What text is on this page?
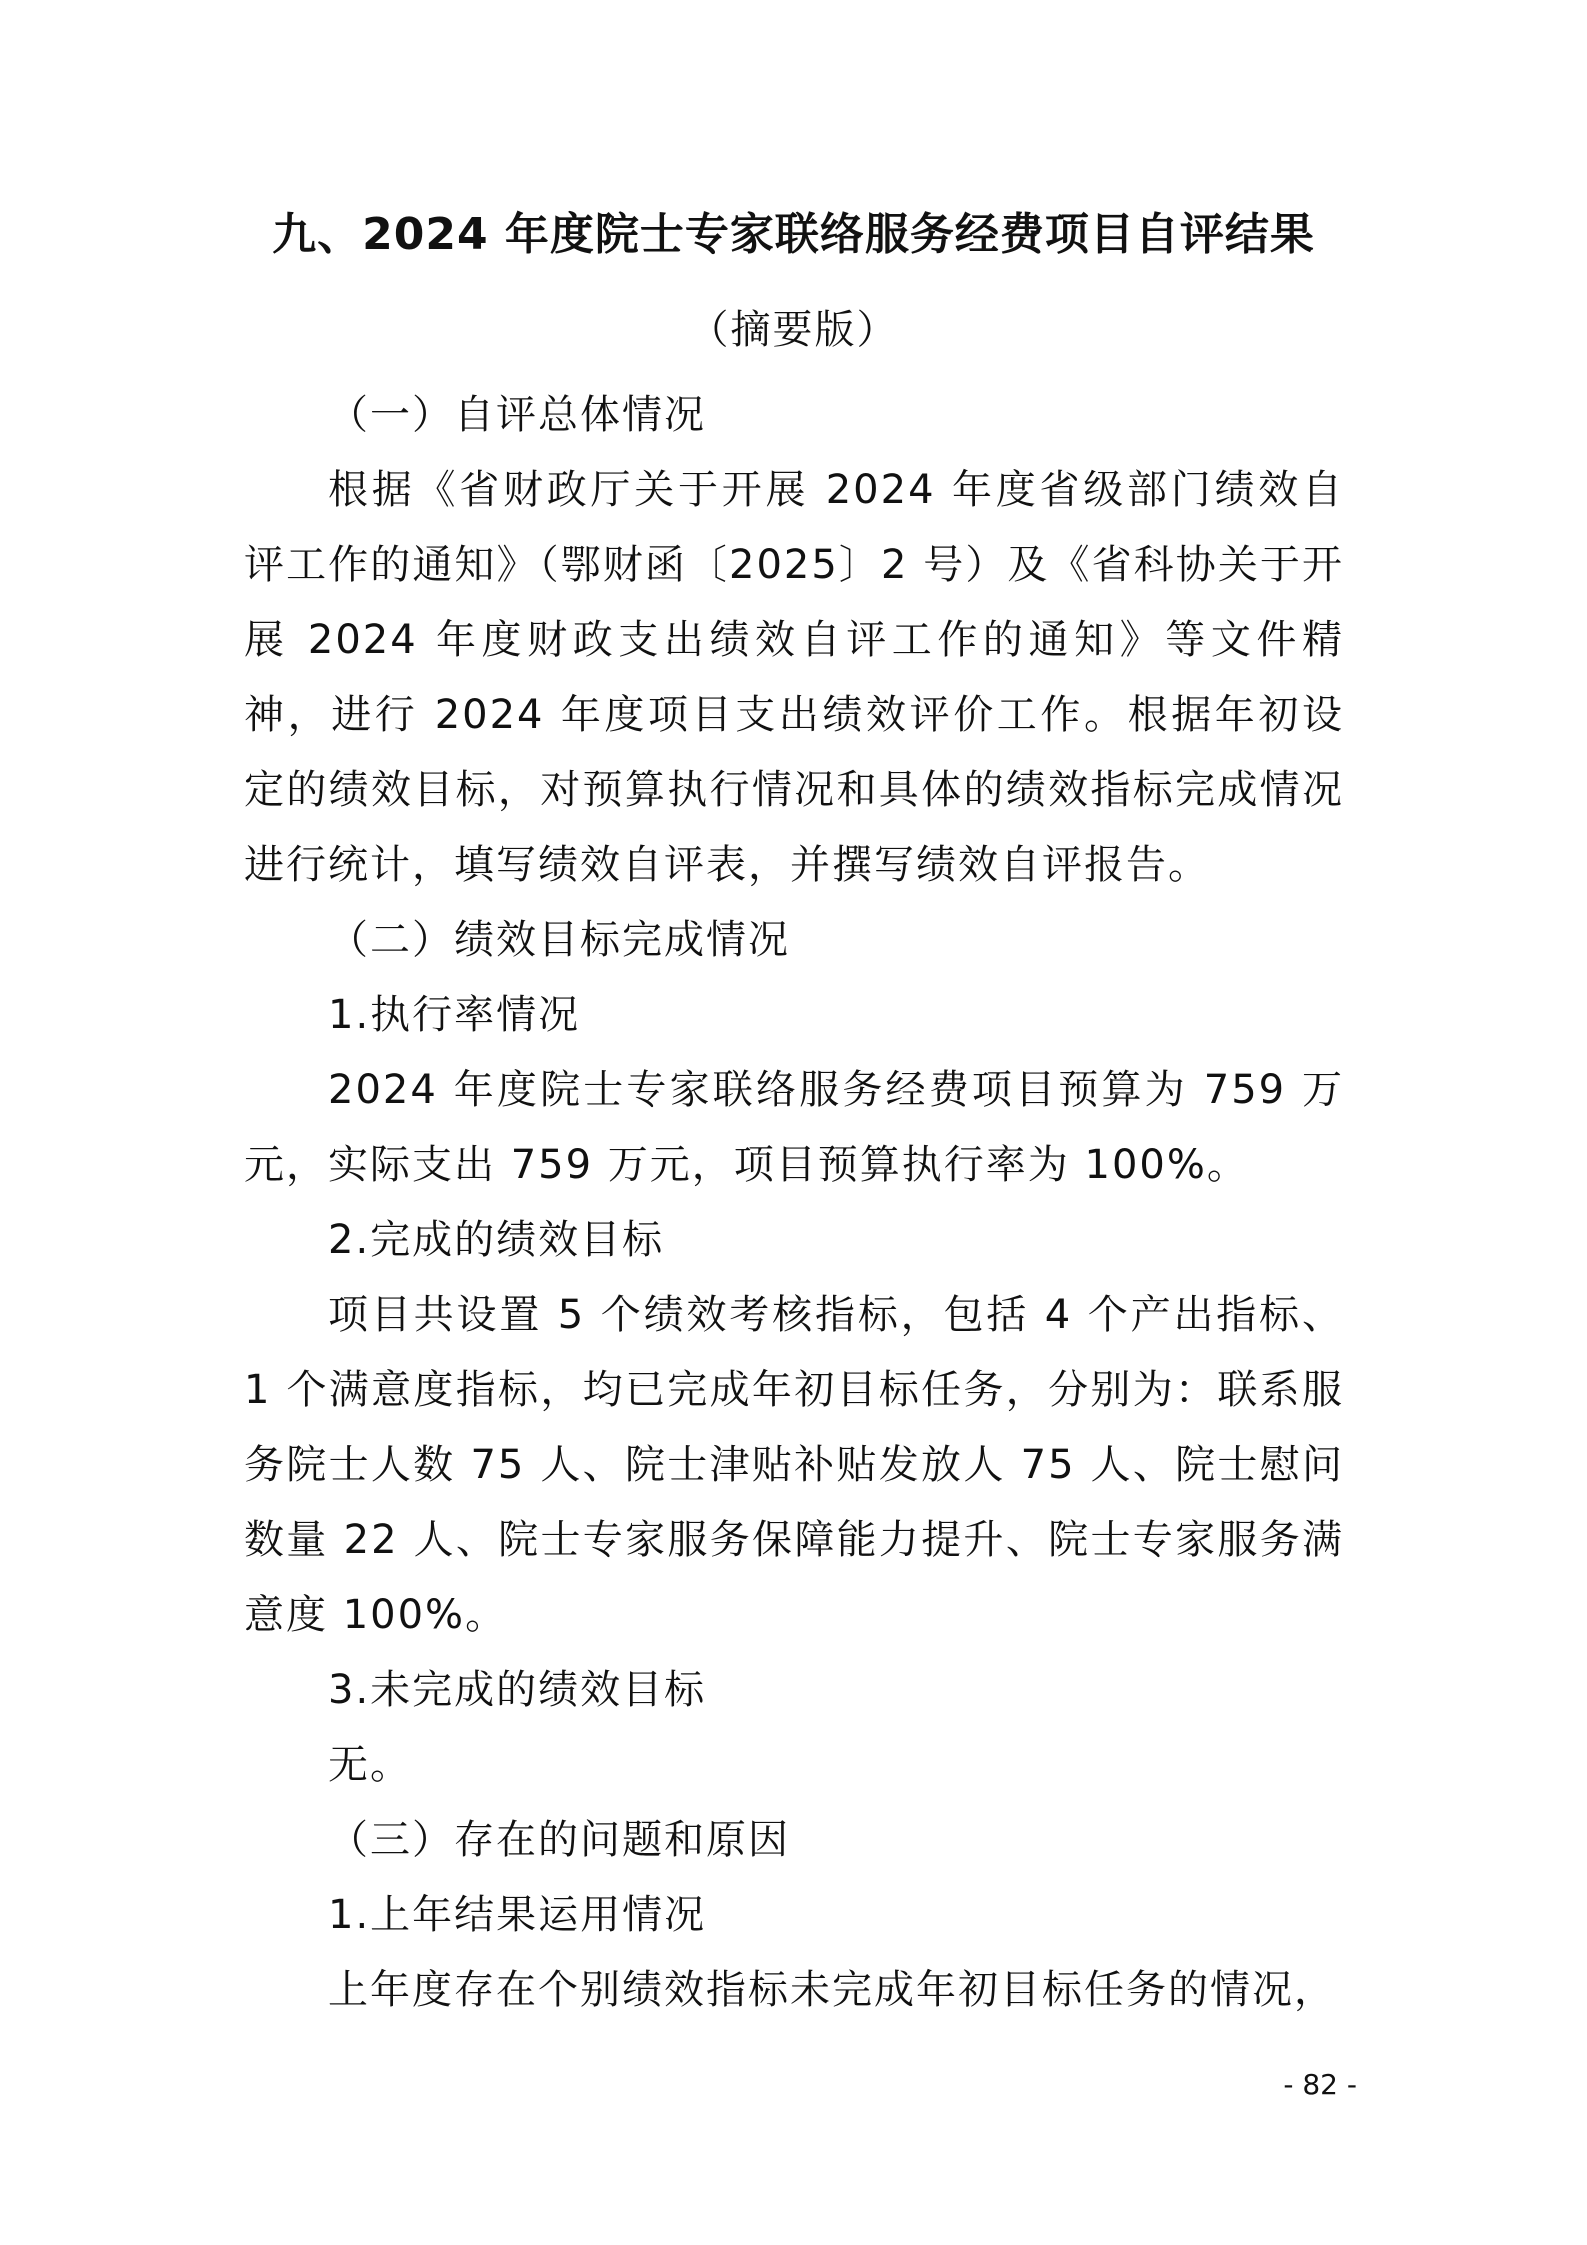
九、2024 年度院士专家联络服务经费项目自评结果
（摘要版）

（一）自评总体情况

根据《省财政厅关于开展 2024 年度省级部门绩效自评工作的通知》（鄂财函〔2025〕2 号）及《省科协关于开展 2024 年度财政支出绩效自评工作的通知》等文件精神，进行 2024 年度项目支出绩效评价工作。根据年初设定的绩效目标，对预算执行情况和具体的绩效指标完成情况进行统计，填写绩效自评表，并撰写绩效自评报告。

（二）绩效目标完成情况

1.执行率情况

2024 年度院士专家联络服务经费项目预算为 759 万元，实际支出 759 万元，项目预算执行率为 100%。

2.完成的绩效目标

项目共设置 5 个绩效考核指标，包括 4 个产出指标、1 个满意度指标，均已完成年初目标任务，分别为：联系服务院士人数 75 人、院士津贴补贴发放人 75 人、院士慰问数量 22 人、院士专家服务保障能力提升、院士专家服务满意度 100%。

3.未完成的绩效目标

无。

（三）存在的问题和原因

1.上年结果运用情况

上年度存在个别绩效指标未完成年初目标任务的情况，

- 82 -
